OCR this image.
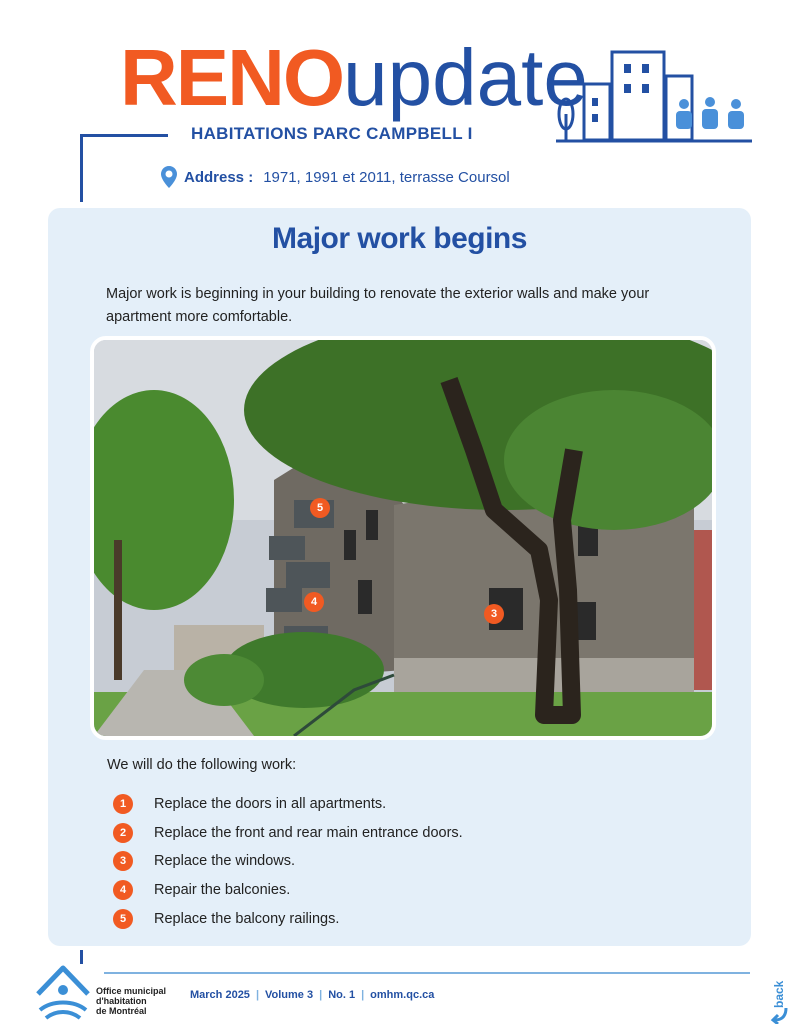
RENOupdate
HABITATIONS PARC CAMPBELL I
Address : 1971, 1991 et 2011, terrasse Coursol
Major work begins
Major work is beginning in your building to renovate the exterior walls and make your apartment more comfortable.
5
4
3
We will do the following work:
1	Replace the doors in all apartments.
2	Replace the front and rear main entrance doors.
3	Replace the windows.
4	Repair the balconies.
5	Replace the balcony railings.
Office municipal
d'habitation
de Montréal
March 2025 | Volume 3 | No. 1 | omhm.qc.ca	back
